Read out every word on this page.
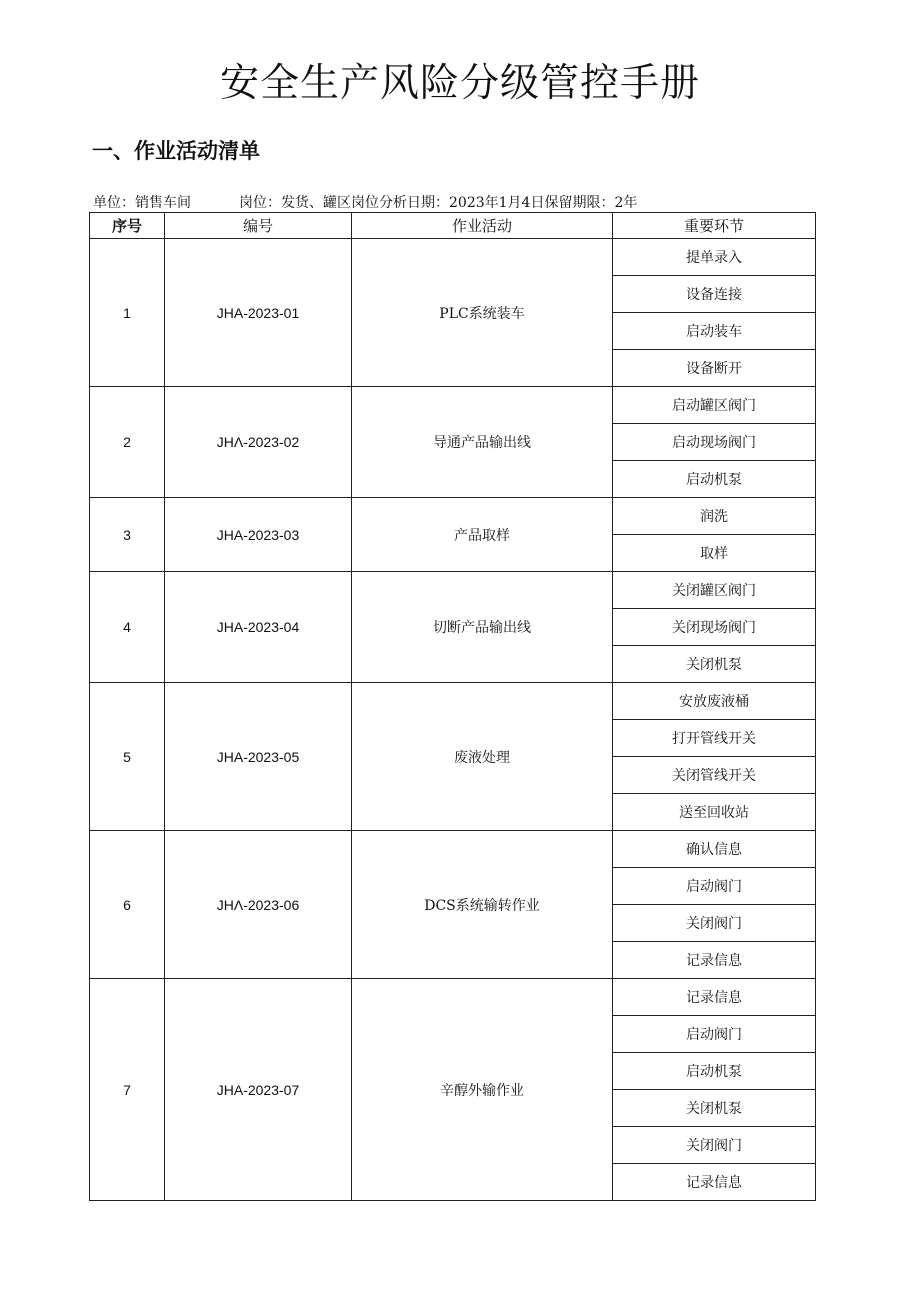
安全生产风险分级管控手册
一、作业活动清单
单位：销售车间	岗位：发货、罐区岗位分析日期：2023年1月4日保留期限：2年
序号	编号	作业活动	重要环节
1	JHA-2023-01	PLC系统装车	提单录入
			设备连接
			启动装车
			设备断开
2	JHΛ-2023-02	导通产品输出线	启动罐区阀门
			启动现场阀门
			启动机泵
3	JHA-2023-03	产品取样	润洗
			取样
4	JHA-2023-04	切断产品输出线	关闭罐区阀门
			关闭现场阀门
			关闭机泵
5	JHA-2023-05	废液处理	安放废液桶
			打开管线开关
			关闭管线开关
			送至回收站
6	JHΛ-2023-06	DCS系统输转作业	确认信息
			启动阀门
			关闭阀门
			记录信息
7	JHA-2023-07	辛醇外输作业	记录信息
			启动阀门
			启动机泵
			关闭机泵
			关闭阀门
			记录信息
